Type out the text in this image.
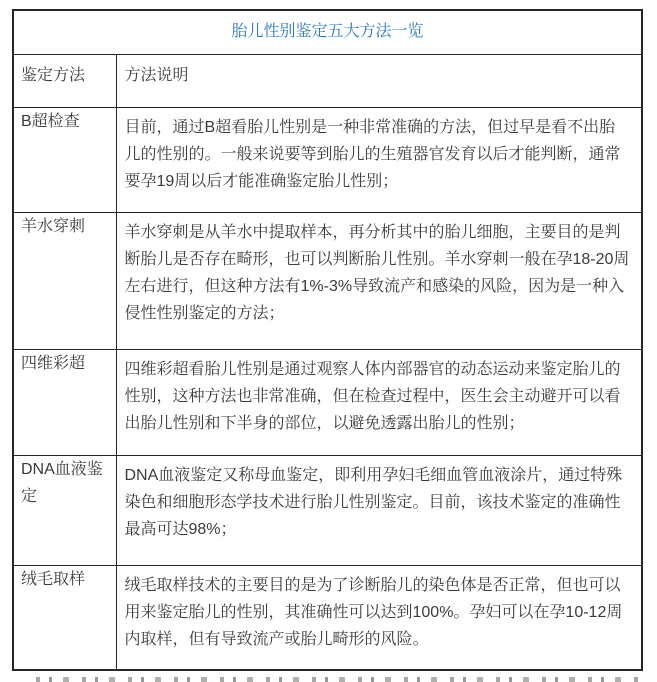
胎儿性别鉴定五大方法一览	
鉴定方法	方法说明
B超检查	目前，通过B超看胎儿性别是一种非常准确的方法，但过早是看不出胎儿的性别的。一般来说要等到胎儿的生殖器官发育以后才能判断，通常要孕19周以后才能准确鉴定胎儿性别；
羊水穿刺	羊水穿刺是从羊水中提取样本，再分析其中的胎儿细胞，主要目的是判断胎儿是否存在畸形，也可以判断胎儿性别。羊水穿刺一般在孕18-20周左右进行，但这种方法有1%-3%导致流产和感染的风险，因为是一种入侵性性别鉴定的方法；
四维彩超	四维彩超看胎儿性别是通过观察人体内部器官的动态运动来鉴定胎儿的性别，这种方法也非常准确，但在检查过程中，医生会主动避开可以看出胎儿性别和下半身的部位，以避免透露出胎儿的性别；
DNA血液鉴定	DNA血液鉴定又称母血鉴定，即利用孕妇毛细血管血液涂片，通过特殊染色和细胞形态学技术进行胎儿性别鉴定。目前，该技术鉴定的准确性最高可达98%；
绒毛取样	绒毛取样技术的主要目的是为了诊断胎儿的染色体是否正常，但也可以用来鉴定胎儿的性别，其准确性可以达到100%。孕妇可以在孕10-12周内取样，但有导致流产或胎儿畸形的风险。
